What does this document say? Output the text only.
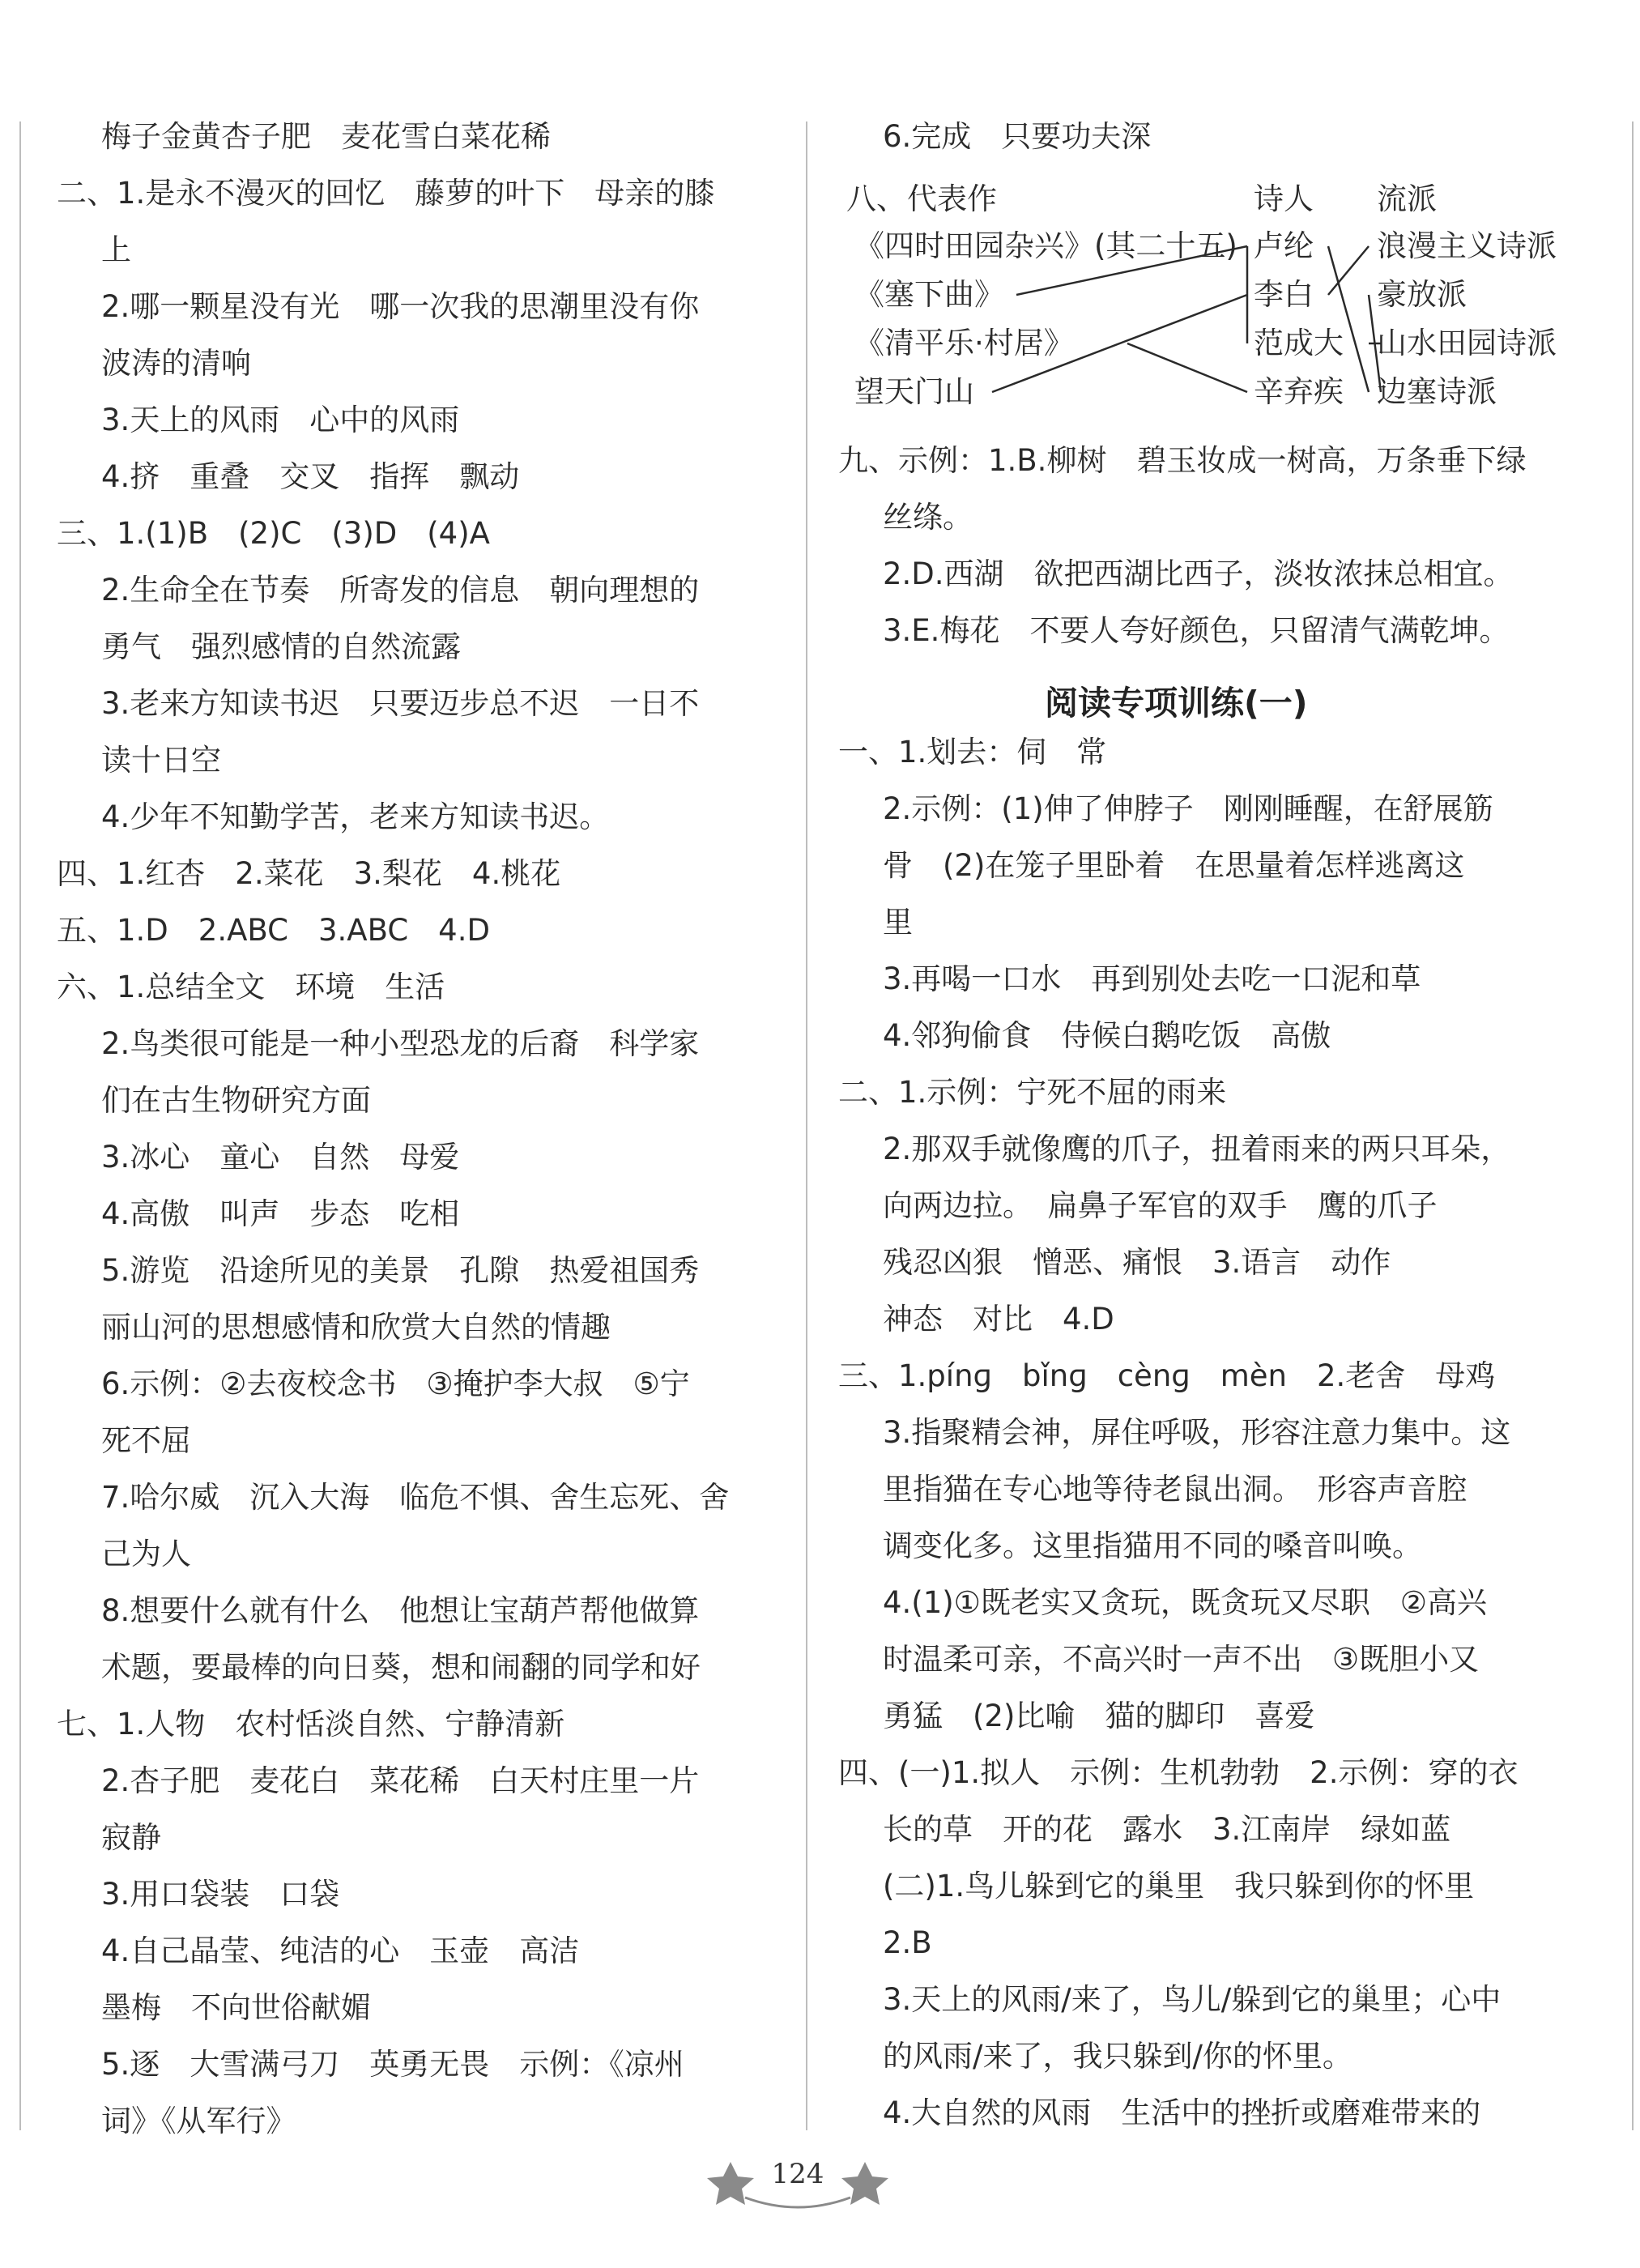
梅子金黄杏子肥　麦花雪白菜花稀
二、1.是永不漫灭的回忆　藤萝的叶下　母亲的膝
上
2.哪一颗星没有光　哪一次我的思潮里没有你
波涛的清响
3.天上的风雨　心中的风雨
4.挤　重叠　交叉　指挥　飘动
三、1.(1)B　(2)C　(3)D　(4)A
2.生命全在节奏　所寄发的信息　朝向理想的
勇气　强烈感情的自然流露
3.老来方知读书迟　只要迈步总不迟　一日不
读十日空
4.少年不知勤学苦，老来方知读书迟。
四、1.红杏　2.菜花　3.梨花　4.桃花
五、1.D　2.ABC　3.ABC　4.D
六、1.总结全文　环境　生活
2.鸟类很可能是一种小型恐龙的后裔　科学家
们在古生物研究方面
3.冰心　童心　自然　母爱
4.高傲　叫声　步态　吃相
5.游览　沿途所见的美景　孔隙　热爱祖国秀
丽山河的思想感情和欣赏大自然的情趣
6.示例：②去夜校念书　③掩护李大叔　⑤宁
死不屈
7.哈尔威　沉入大海　临危不惧、舍生忘死、舍
己为人
8.想要什么就有什么　他想让宝葫芦帮他做算
术题，要最棒的向日葵，想和闹翻的同学和好
七、1.人物　农村恬淡自然、宁静清新
2.杏子肥　麦花白　菜花稀　白天村庄里一片
寂静
3.用口袋装　口袋
4.自己晶莹、纯洁的心　玉壶　高洁
墨梅　不向世俗献媚
5.逐　大雪满弓刀　英勇无畏　示例：《凉州
词》《从军行》
阅读专项训练(一)
6.完成　只要功夫深
九、示例：1.B.柳树　碧玉妆成一树高，万条垂下绿
丝绦。
2.D.西湖　欲把西湖比西子，淡妆浓抹总相宜。
3.E.梅花　不要人夸好颜色，只留清气满乾坤。
一、1.划去：伺　常
2.示例：(1)伸了伸脖子　刚刚睡醒，在舒展筋
骨　(2)在笼子里卧着　在思量着怎样逃离这
里
3.再喝一口水　再到别处去吃一口泥和草
4.邻狗偷食　侍候白鹅吃饭　高傲
二、1.示例：宁死不屈的雨来
2.那双手就像鹰的爪子，扭着雨来的两只耳朵，
向两边拉。　扁鼻子军官的双手　鹰的爪子
残忍凶狠　憎恶、痛恨　3.语言　动作
神态　对比　4.D
三、1.pínɡ　bǐnɡ　cènɡ　mèn　2.老舍　母鸡
3.指聚精会神，屏住呼吸，形容注意力集中。这
里指猫在专心地等待老鼠出洞。　形容声音腔
调变化多。这里指猫用不同的嗓音叫唤。
4.(1)①既老实又贪玩，既贪玩又尽职　②高兴
时温柔可亲，不高兴时一声不出　③既胆小又
勇猛　(2)比喻　猫的脚印　喜爱
四、(一)1.拟人　示例：生机勃勃　2.示例：穿的衣
长的草　开的花　露水　3.江南岸　绿如蓝
(二)1.鸟儿躲到它的巢里　我只躲到你的怀里
2.B
3.天上的风雨/来了，鸟儿/躲到它的巢里；心中
的风雨/来了，我只躲到/你的怀里。
4.大自然的风雨　生活中的挫折或磨难带来的
八、 代表作	诗人 流派
《四时田园杂兴》(其二十五)
《塞下曲》
《清平乐·村居》
望天门山
卢纶
李白
范成大
辛弃疾
浪漫主义诗派
豪放派
山水田园诗派
边塞诗派
124
